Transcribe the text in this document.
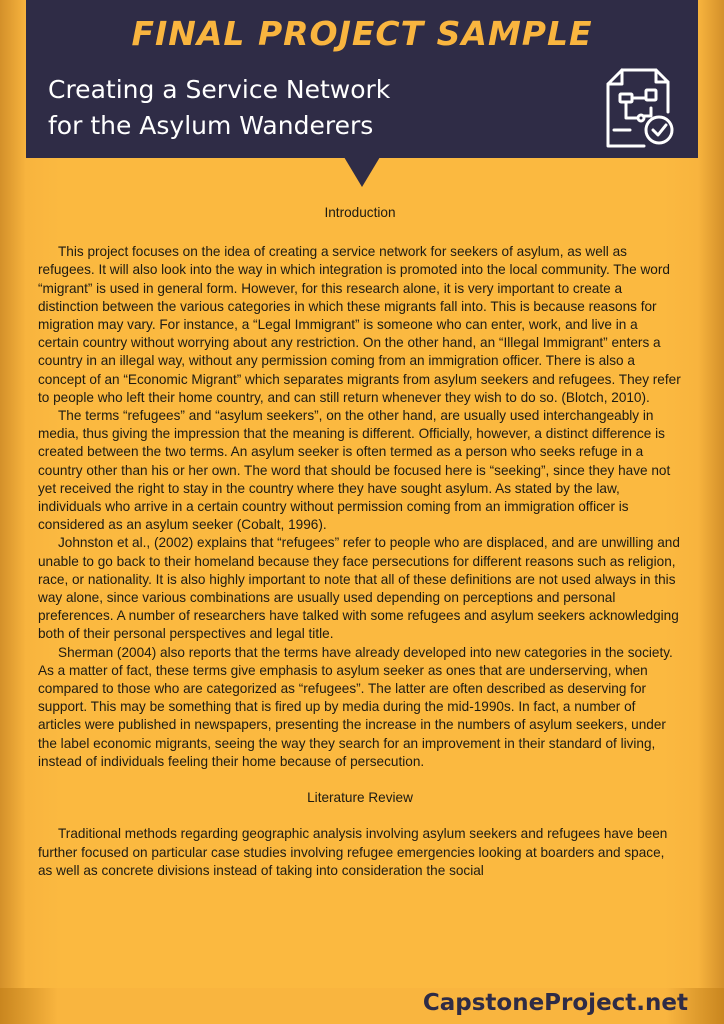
FINAL PROJECT SAMPLE
Creating a Service Network
for the Asylum Wanderers

Introduction

This project focuses on the idea of creating a service network for seekers of asylum, as well as refugees. It will also look into the way in which integration is promoted into the local community. The word “migrant” is used in general form. However, for this research alone, it is very important to create a distinction between the various categories in which these migrants fall into. This is because reasons for migration may vary. For instance, a “Legal Immigrant” is someone who can enter, work, and live in a certain country without worrying about any restriction. On the other hand, an “Illegal Immigrant” enters a country in an illegal way, without any permission coming from an immigration officer. There is also a concept of an “Economic Migrant” which separates migrants from asylum seekers and refugees. They refer to people who left their home country, and can still return whenever they wish to do so. (Blotch, 2010).

The terms “refugees” and “asylum seekers”, on the other hand, are usually used interchangeably in media, thus giving the impression that the meaning is different. Officially, however, a distinct difference is created between the two terms. An asylum seeker is often termed as a person who seeks refuge in a country other than his or her own. The word that should be focused here is “seeking”, since they have not yet received the right to stay in the country where they have sought asylum. As stated by the law, individuals who arrive in a certain country without permission coming from an immigration officer is considered as an asylum seeker (Cobalt, 1996).

Johnston et al., (2002) explains that “refugees” refer to people who are displaced, and are unwilling and unable to go back to their homeland because they face persecutions for different reasons such as religion, race, or nationality. It is also highly important to note that all of these definitions are not used always in this way alone, since various combinations are usually used depending on perceptions and personal preferences. A number of researchers have talked with some refugees and asylum seekers acknowledging both of their personal perspectives and legal title.

Sherman (2004) also reports that the terms have already developed into new categories in the society. As a matter of fact, these terms give emphasis to asylum seeker as ones that are underserving, when compared to those who are categorized as “refugees”. The latter are often described as deserving for support. This may be something that is fired up by media during the mid-1990s. In fact, a number of articles were published in newspapers, presenting the increase in the numbers of asylum seekers, under the label economic migrants, seeing the way they search for an improvement in their standard of living, instead of individuals feeling their home because of persecution.

Literature Review

Traditional methods regarding geographic analysis involving asylum seekers and refugees have been further focused on particular case studies involving refugee emergencies looking at boarders and space, as well as concrete divisions instead of taking into consideration the social

CapstoneProject.net
